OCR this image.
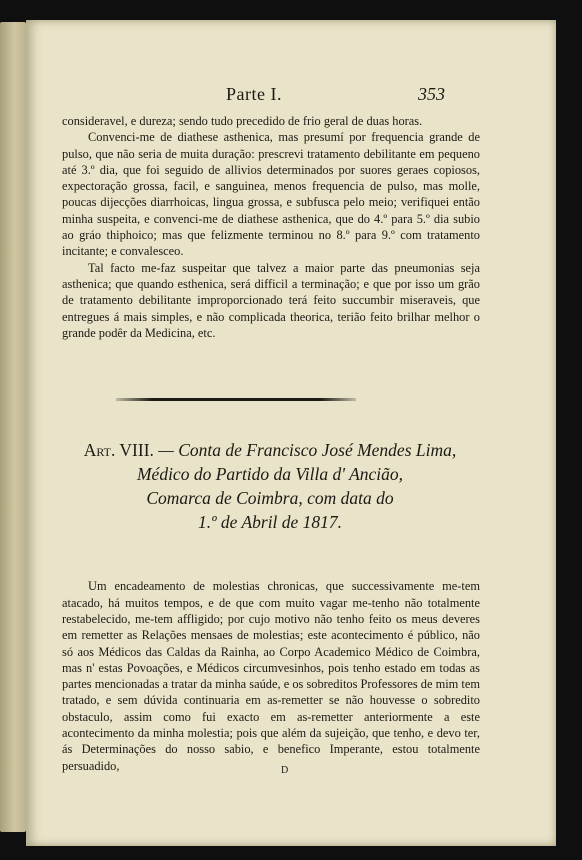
Parte I.	353

consideravel, e dureza; sendo tudo precedido de frio geral de duas horas.

Convenci-me de diathese asthenica, mas presumí por frequencia grande de pulso, que não seria de muita duração: prescrevi tratamento debilitante em pequeno até 3.º dia, que foi seguido de allivios determinados por suores geraes copiosos, expectoração grossa, facil, e sanguinea, menos frequencia de pulso, mas molle, poucas dijecções diarrhoicas, lingua grossa, e subfusca pelo meio; verifiquei então minha suspeita, e convenci-me de diathese asthenica, que do 4.º para 5.º dia subio ao gráo thiphoico; mas que felizmente terminou no 8.º para 9.º com tratamento incitante; e convalesceo.

Tal facto me-faz suspeitar que talvez a maior parte das pneumonias seja asthenica; que quando esthenica, será difficil a terminação; e que por isso um grão de tratamento debilitante improporcionado terá feito succumbir miseraveis, que entregues á mais simples, e não complicada theorica, terião feito brilhar melhor o grande podêr da Medicina, etc.

Art. VIII. — Conta de Francisco José Mendes Lima,
Médico do Partido da Villa d' Ancião,
Comarca de Coimbra, com data do
1.º de Abril de 1817.

Um encadeamento de molestias chronicas, que successivamente me-tem atacado, há muitos tempos, e de que com muito vagar me-tenho não totalmente restabelecido, me-tem affligido; por cujo motivo não tenho feito os meus deveres em remetter as Relações mensaes de molestias; este acontecimento é público, não só aos Médicos das Caldas da Rainha, ao Corpo Academico Médico de Coimbra, mas n' estas Povoações, e Médicos circumvesinhos, pois tenho estado em todas as partes mencionadas a tratar da minha saúde, e os sobreditos Professores de mim tem tratado, e sem dúvida continuaria em as-remetter se não houvesse o sobredito obstaculo, assim como fui exacto em as-remetter anteriormente a este acontecimento da minha molestia; pois que além da sujeição, que tenho, e devo ter, ás Determinações do nosso sabio, e benefico Imperante, estou totalmente persuadido,	D
